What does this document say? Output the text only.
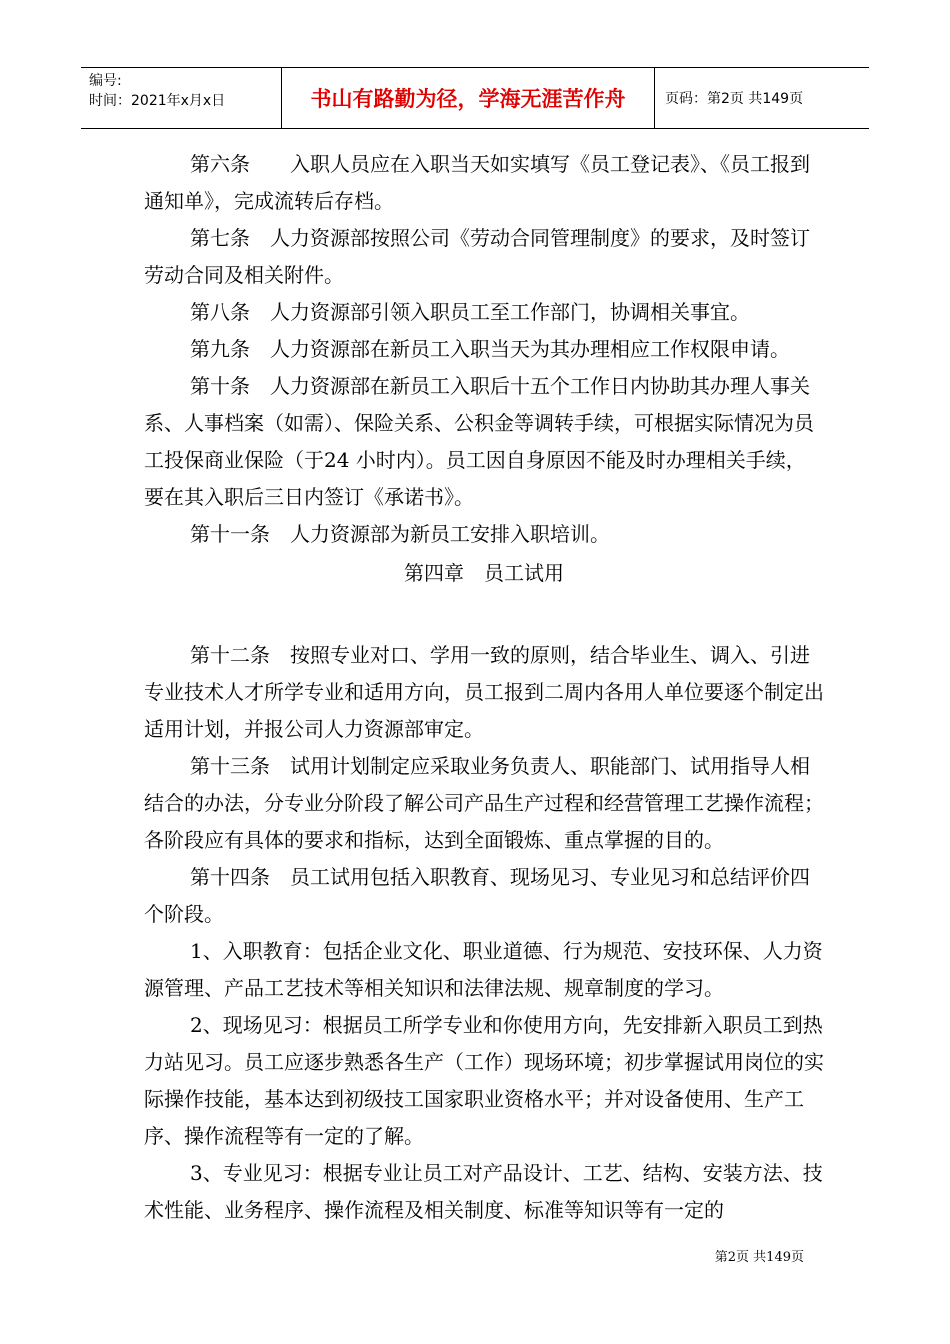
编号:
时间：2021年x月x日	书山有路勤为径，学海无涯苦作舟	页码：第2页 共149页

第六条　　入职人员应在入职当天如实填写《员工登记表》、《员工报到通知单》，完成流转后存档。

第七条　人力资源部按照公司《劳动合同管理制度》的要求，及时签订劳动合同及相关附件。

第八条　人力资源部引领入职员工至工作部门，协调相关事宜。

第九条　人力资源部在新员工入职当天为其办理相应工作权限申请。

第十条　人力资源部在新员工入职后十五个工作日内协助其办理人事关系、人事档案（如需）、保险关系、公积金等调转手续，可根据实际情况为员工投保商业保险（于24 小时内）。员工因自身原因不能及时办理相关手续，要在其入职后三日内签订《承诺书》。

第十一条　人力资源部为新员工安排入职培训。

第四章　员工试用

第十二条　按照专业对口、学用一致的原则，结合毕业生、调入、引进专业技术人才所学专业和适用方向，员工报到二周内各用人单位要逐个制定出适用计划，并报公司人力资源部审定。

第十三条　试用计划制定应采取业务负责人、职能部门、试用指导人相结合的办法，分专业分阶段了解公司产品生产过程和经营管理工艺操作流程；各阶段应有具体的要求和指标，达到全面锻炼、重点掌握的目的。

第十四条　员工试用包括入职教育、现场见习、专业见习和总结评价四个阶段。

1、入职教育：包括企业文化、职业道德、行为规范、安技环保、人力资源管理、产品工艺技术等相关知识和法律法规、规章制度的学习。

2、现场见习：根据员工所学专业和你使用方向，先安排新入职员工到热力站见习。员工应逐步熟悉各生产（工作）现场环境；初步掌握试用岗位的实际操作技能，基本达到初级技工国家职业资格水平；并对设备使用、生产工序、操作流程等有一定的了解。

3、专业见习：根据专业让员工对产品设计、工艺、结构、安装方法、技术性能、业务程序、操作流程及相关制度、标准等知识等有一定的

第2页 共149页
